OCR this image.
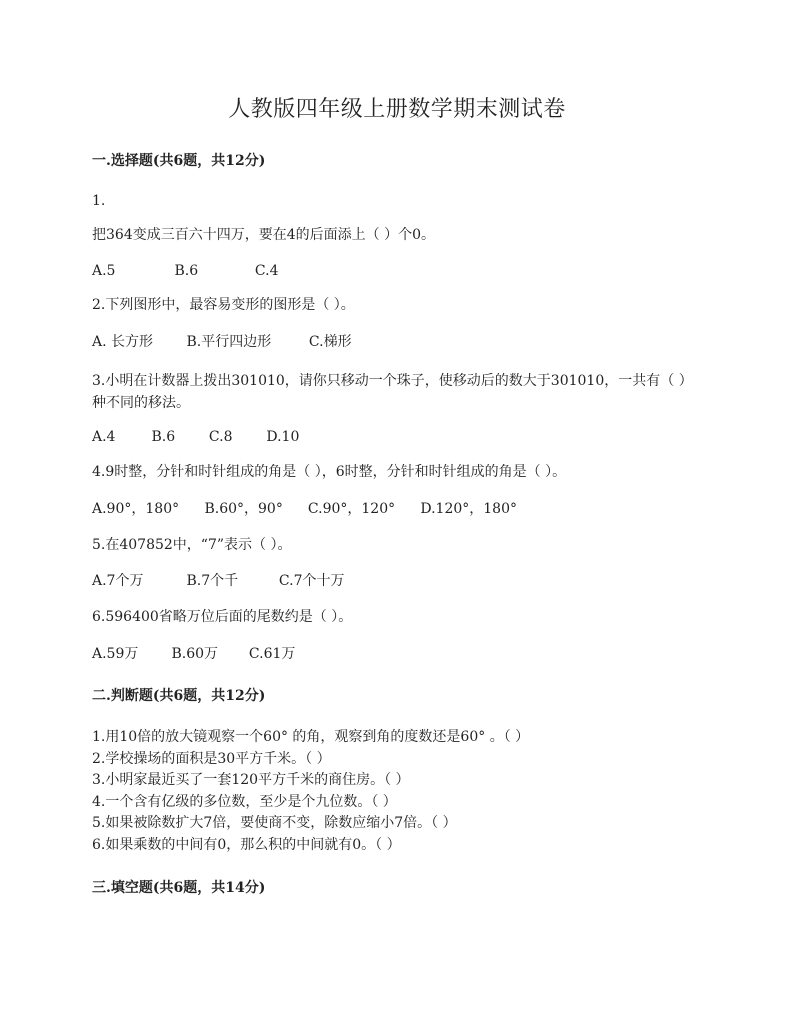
人教版四年级上册数学期末测试卷
一.选择题(共6题，共12分)

1.

把364变成三百六十四万，要在4的后面添上（ ）个0。

A.5	B.6	C.4

2.下列图形中，最容易变形的图形是（ ）。

A. 长方形 B.平行四边形	C.梯形

3.小明在计数器上拨出301010，请你只移动一个珠子，使移动后的数大于301010，一共有（ ）种不同的移法。

A.4	B.6 C.8 D.10

4.9时整，分针和时针组成的角是（ ），6时整，分针和时针组成的角是（ ）。

A.90°，180° B.60°，90° C.90°，120° D.120°，180°

5.在407852中，“7”表示（ ）。

A.7个万	B.7个千	C.7个十万

6.596400省略万位后面的尾数约是（ ）。

A.59万 B.60万 C.61万
二.判断题(共6题，共12分)
1.用10倍的放大镜观察一个60° 的角，观察到角的度数还是60° 。（ ）
2.学校操场的面积是30平方千米。（ ）
3.小明家最近买了一套120平方千米的商住房。（ ）
4.一个含有亿级的多位数，至少是个九位数。（ ）
5.如果被除数扩大7倍，要使商不变，除数应缩小7倍。（ ）
6.如果乘数的中间有0，那么积的中间就有0。（ ）
三.填空题(共6题，共14分)
